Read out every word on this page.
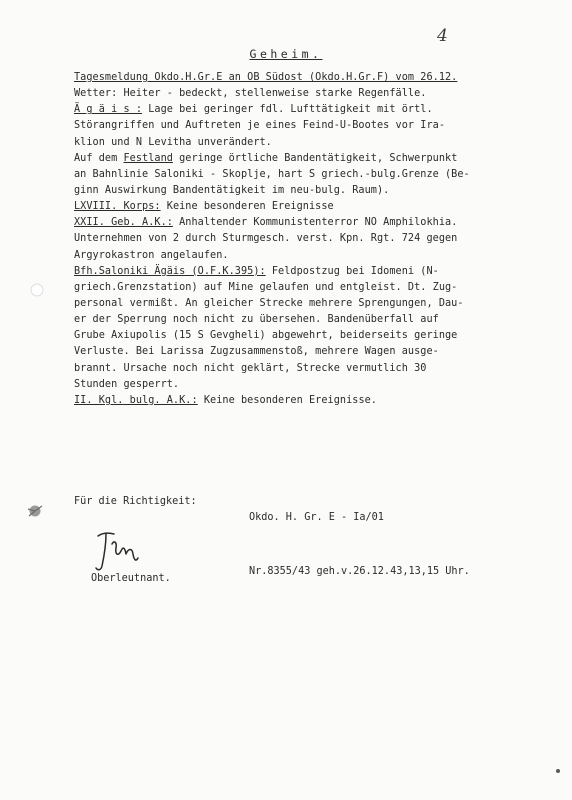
4
Geheim.
Tagesmeldung Okdo.H.Gr.E an OB Südost (Okdo.H.Gr.F) vom 26.12.
Wetter: Heiter - bedeckt, stellenweise starke Regenfälle.
Ä g ä i s : Lage bei geringer fdl. Lufttätigkeit mit örtl.
Störangriffen und Auftreten je eines Feind-U-Bootes vor Ira-
klion und N Levitha unverändert.
Auf dem Festland geringe örtliche Bandentätigkeit, Schwerpunkt
an Bahnlinie Saloniki - Skoplje, hart S griech.-bulg.Grenze (Be-
ginn Auswirkung Bandentätigkeit im neu-bulg. Raum).
LXVIII. Korps: Keine besonderen Ereignisse
XXII. Geb. A.K.: Anhaltender Kommunistenterror NO Amphilokhia.
Unternehmen von 2 durch Sturmgesch. verst. Kpn. Rgt. 724 gegen
Argyrokastron angelaufen.
Bfh.Saloniki Ägäis (O.F.K.395): Feldpostzug bei Idomeni (N-
griech.Grenzstation) auf Mine gelaufen und entgleist. Dt. Zug-
personal vermißt. An gleicher Strecke mehrere Sprengungen, Dau-
er der Sperrung noch nicht zu übersehen. Bandenüberfall auf
Grube Axiupolis (15 S Gevgheli) abgewehrt, beiderseits geringe
Verluste. Bei Larissa Zugzusammenstoß, mehrere Wagen ausge-
brannt. Ursache noch nicht geklärt, Strecke vermutlich 30
Stunden gesperrt.
II. Kgl. bulg. A.K.: Keine besonderen Ereignisse.

Okdo. H. Gr. E - Ia/01

Nr.8355/43 geh.v.26.12.43,13,15 Uhr.

Für die Richtigkeit:
Oberleutnant.
